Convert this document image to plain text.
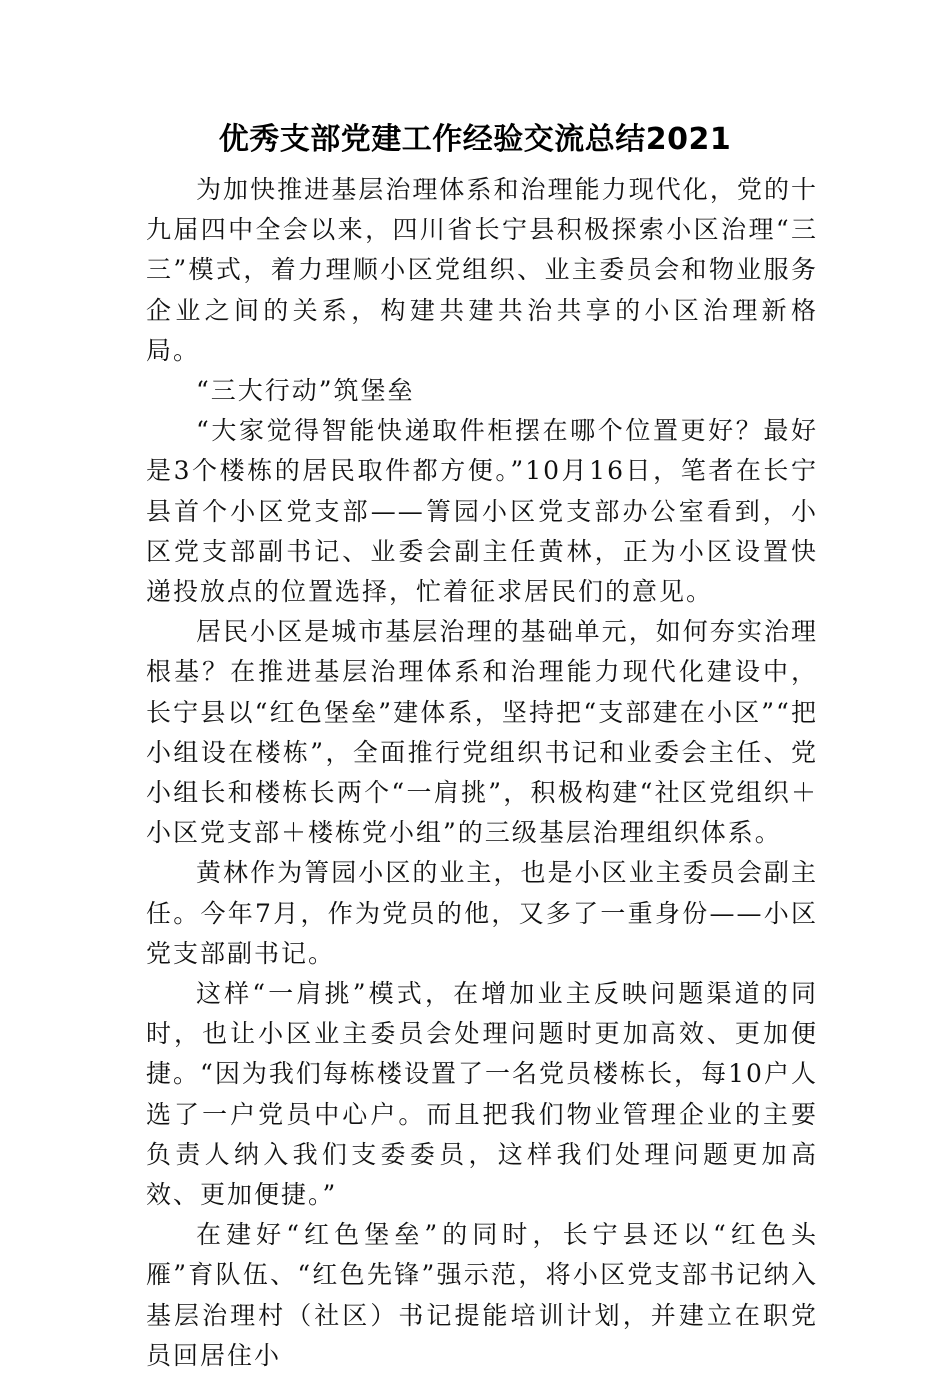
优秀支部党建工作经验交流总结2021

为加快推进基层治理体系和治理能力现代化，党的十九届四中全会以来，四川省长宁县积极探索小区治理“三三”模式，着力理顺小区党组织、业主委员会和物业服务企业之间的关系，构建共建共治共享的小区治理新格局。

“三大行动”筑堡垒

“大家觉得智能快递取件柜摆在哪个位置更好？最好是3个楼栋的居民取件都方便。”10月16日，笔者在长宁县首个小区党支部——箐园小区党支部办公室看到，小区党支部副书记、业委会副主任黄林，正为小区设置快递投放点的位置选择，忙着征求居民们的意见。

居民小区是城市基层治理的基础单元，如何夯实治理根基？在推进基层治理体系和治理能力现代化建设中，长宁县以“红色堡垒”建体系，坚持把“支部建在小区”“把小组设在楼栋”，全面推行党组织书记和业委会主任、党小组长和楼栋长两个“一肩挑”，积极构建“社区党组织＋小区党支部＋楼栋党小组”的三级基层治理组织体系。

黄林作为箐园小区的业主，也是小区业主委员会副主任。今年7月，作为党员的他，又多了一重身份——小区党支部副书记。

这样“一肩挑”模式，在增加业主反映问题渠道的同时，也让小区业主委员会处理问题时更加高效、更加便捷。“因为我们每栋楼设置了一名党员楼栋长，每10户人选了一户党员中心户。而且把我们物业管理企业的主要负责人纳入我们支委委员，这样我们处理问题更加高效、更加便捷。”

在建好“红色堡垒”的同时，长宁县还以“红色头雁”育队伍、“红色先锋”强示范，将小区党支部书记纳入基层治理村（社区）书记提能培训计划，并建立在职党员回居住小
